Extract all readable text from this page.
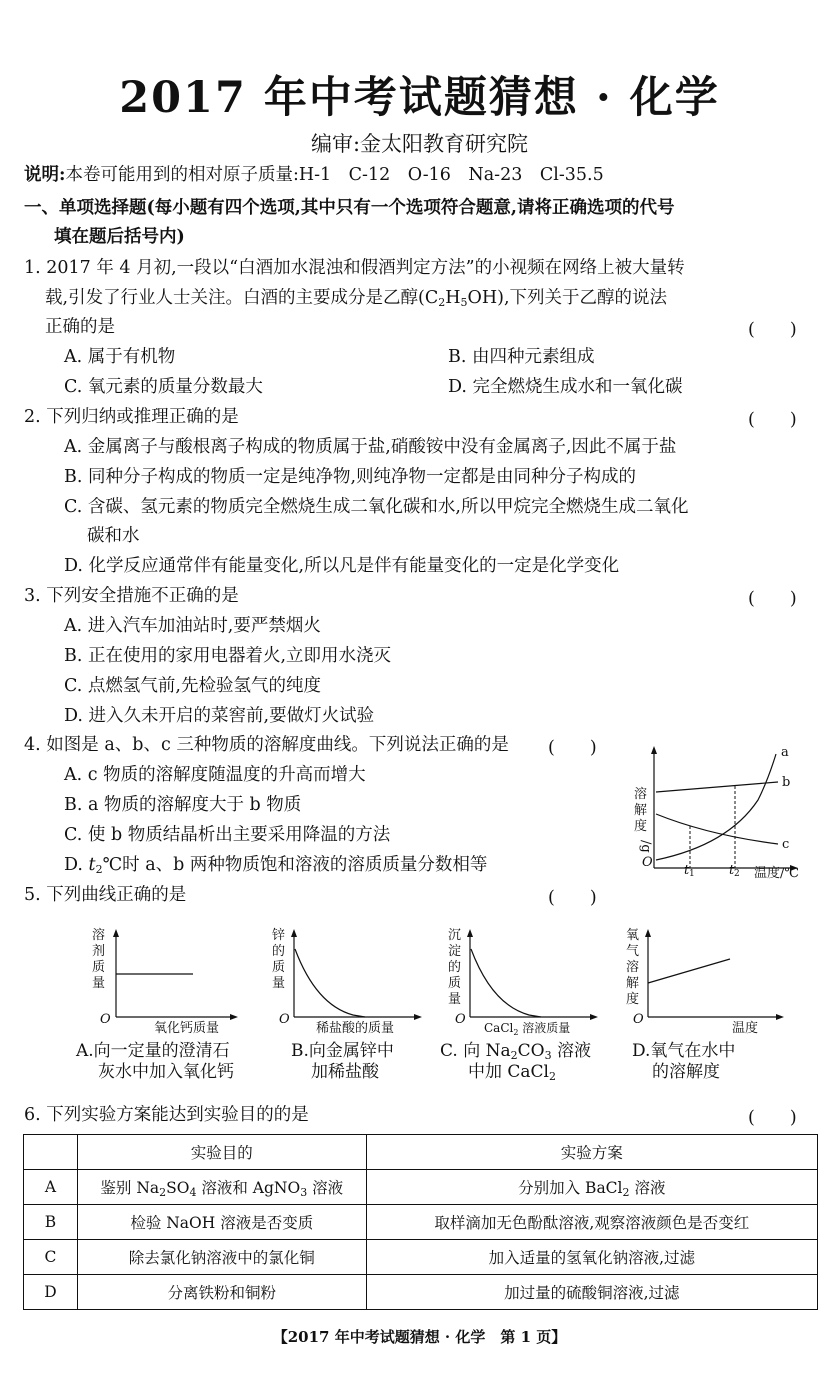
2017 年中考试题猜想 · 化学
编审:金太阳教育研究院
说明:本卷可能用到的相对原子质量:H-1　C-12　O-16　Na-23　Cl-35.5
一、单项选择题(每小题有四个选项,其中只有一个选项符合题意,请将正确选项的代号
填在题后括号内)
1. 2017 年 4 月初,一段以“白酒加水混浊和假酒判定方法”的小视频在网络上被大量转
载,引发了行业人士关注。白酒的主要成分是乙醇$(C_2H_5OH)$,下列关于乙醇的说法
正确的是	(　　)
A. 属于有机物	B. 由四种元素组成
C. 氧元素的质量分数最大	D. 完全燃烧生成水和一氧化碳
2. 下列归纳或推理正确的是	(　　)
A. 金属离子与酸根离子构成的物质属于盐,硝酸铵中没有金属离子,因此不属于盐
B. 同种分子构成的物质一定是纯净物,则纯净物一定都是由同种分子构成的
C. 含碳、氢元素的物质完全燃烧生成二氧化碳和水,所以甲烷完全燃烧生成二氧化
碳和水
D. 化学反应通常伴有能量变化,所以凡是伴有能量变化的一定是化学变化
3. 下列安全措施不正确的是	(　　)
A. 进入汽车加油站时,要严禁烟火
B. 正在使用的家用电器着火,立即用水浇灭
C. 点燃氢气前,先检验氢气的纯度
D. 进入久未开启的菜窖前,要做灯火试验
4. 如图是 a、b、c 三种物质的溶解度曲线。下列说法正确的是 (　　)
A. c 物质的溶解度随温度的升高而增大
B. a 物质的溶解度大于 b 物质
C. 使 b 物质结晶析出主要采用降温的方法
D. $t_2℃$时 a、b 两种物质饱和溶液的溶质质量分数相等
溶
解
度
/g
O
t 1	t 2 温度/℃
a
b
c
5. 下列曲线正确的是	(　　)
溶
剂
质
量
O
氧化钙质量
锌
的
质
量
O
稀盐酸的质量
沉
淀
的
质
量
O
CaCl$_2$ 溶液质量
氧
气
溶
解
度
O
温度
A.向一定量的澄清石
灰水中加入氧化钙
B.向金属锌中
加稀盐酸
C. 向 $Na_2CO_3$ 溶液
中加 CaCl$_2$
D.氧气在水中
的溶解度
6. 下列实验方案能达到实验目的的是	(　　)
	实验目的	实验方案
A	鉴别 $Na_2SO_4$ 溶液和 AgNO$_3$ 溶液	分别加入 BaCl$_2$ 溶液
B	检验 NaOH 溶液是否变质	取样滴加无色酚酞溶液,观察溶液颜色是否变红
C	除去氯化钠溶液中的氯化铜	加入适量的氢氧化钠溶液,过滤
D	分离铁粉和铜粉	加过量的硫酸铜溶液,过滤
【2017 年中考试题猜想 · 化学　第 1 页】
